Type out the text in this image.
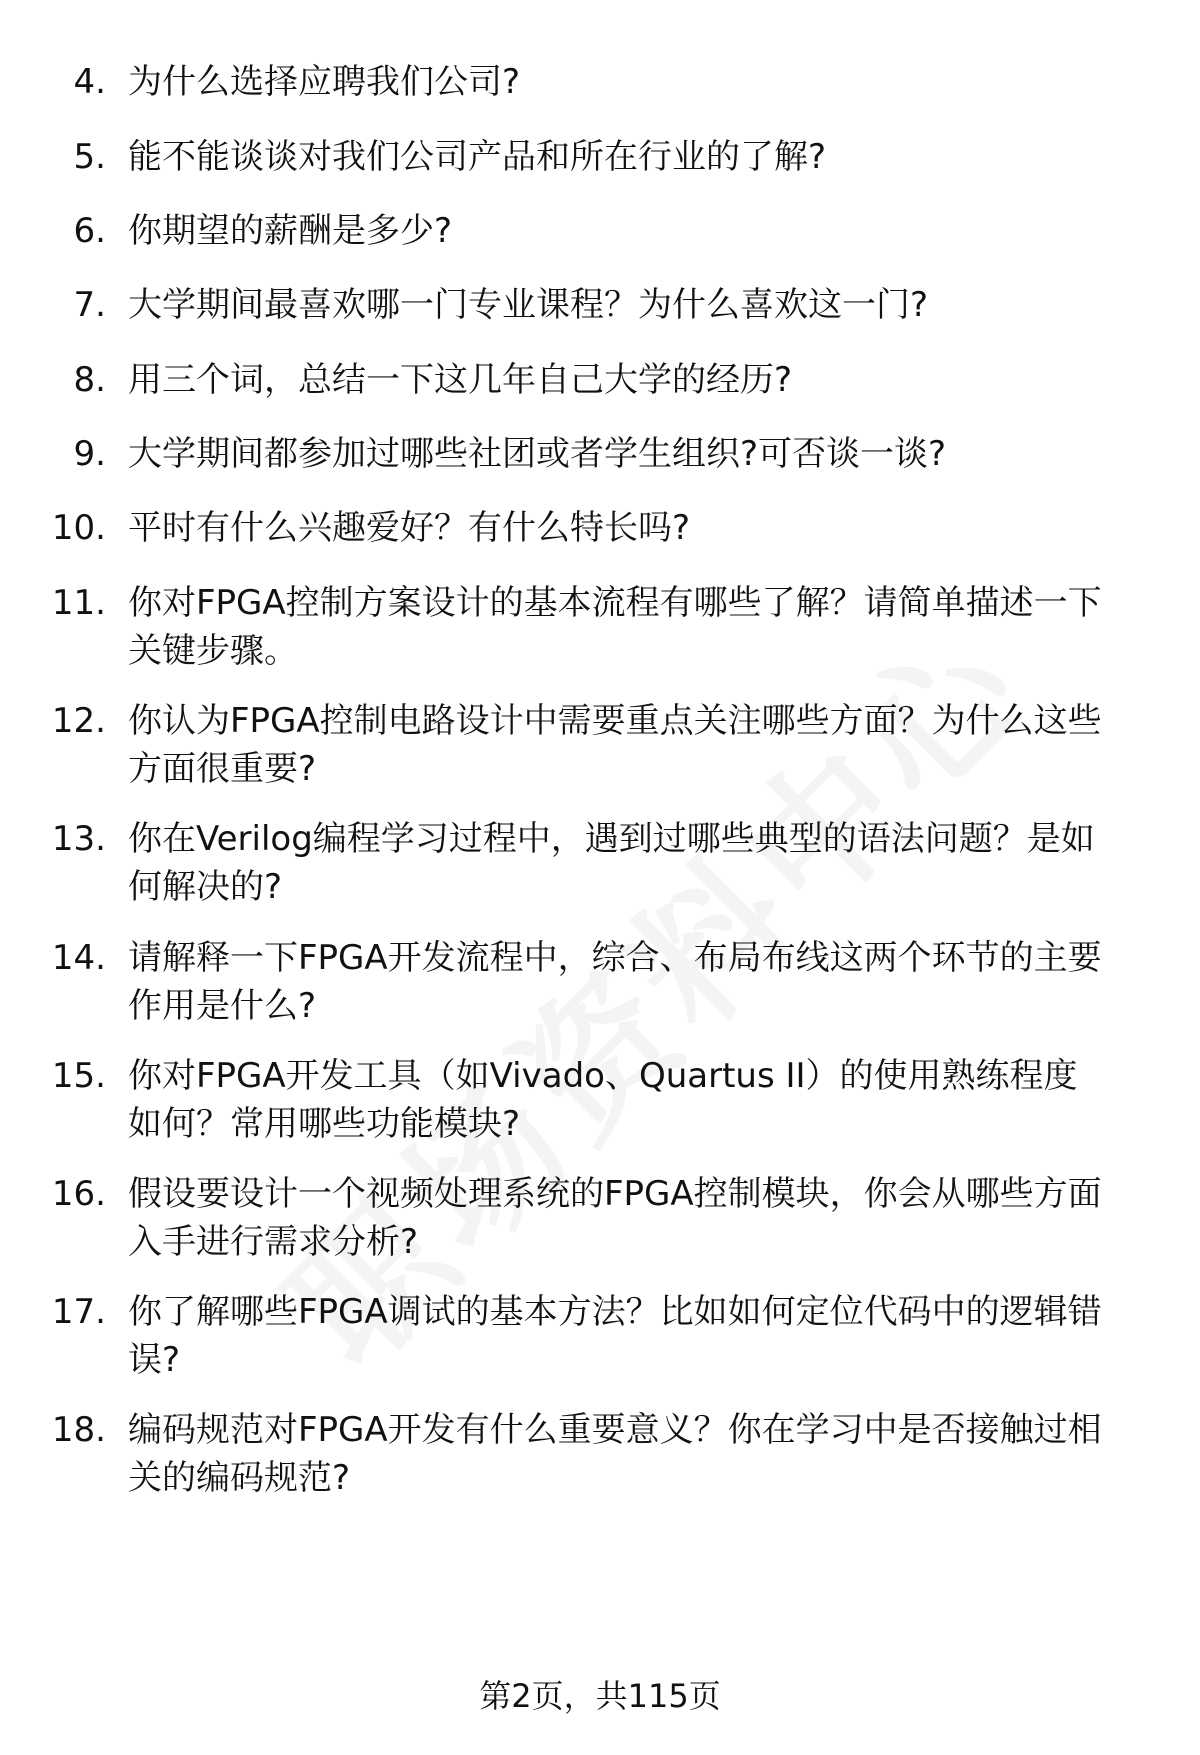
4. 为什么选择应聘我们公司?
5. 能不能谈谈对我们公司产品和所在行业的了解?
6. 你期望的薪酬是多少?
7. 大学期间最喜欢哪一门专业课程？为什么喜欢这一门?
8. 用三个词，总结一下这几年自己大学的经历?
9. 大学期间都参加过哪些社团或者学生组织?可否谈一谈?
10. 平时有什么兴趣爱好？有什么特长吗?
11. 你对FPGA控制方案设计的基本流程有哪些了解？请简单描述一下
关键步骤。
12. 你认为FPGA控制电路设计中需要重点关注哪些方面？为什么这些
方面很重要?
13. 你在Verilog编程学习过程中，遇到过哪些典型的语法问题？是如
何解决的?
14. 请解释一下FPGA开发流程中，综合、布局布线这两个环节的主要
作用是什么?
15. 你对FPGA开发工具（如Vivado、Quartus II）的使用熟练程度
如何？常用哪些功能模块?
16. 假设要设计一个视频处理系统的FPGA控制模块，你会从哪些方面
入手进行需求分析?
17. 你了解哪些FPGA调试的基本方法？比如如何定位代码中的逻辑错
误?
18. 编码规范对FPGA开发有什么重要意义？你在学习中是否接触过相
关的编码规范?
第2页，共115页
